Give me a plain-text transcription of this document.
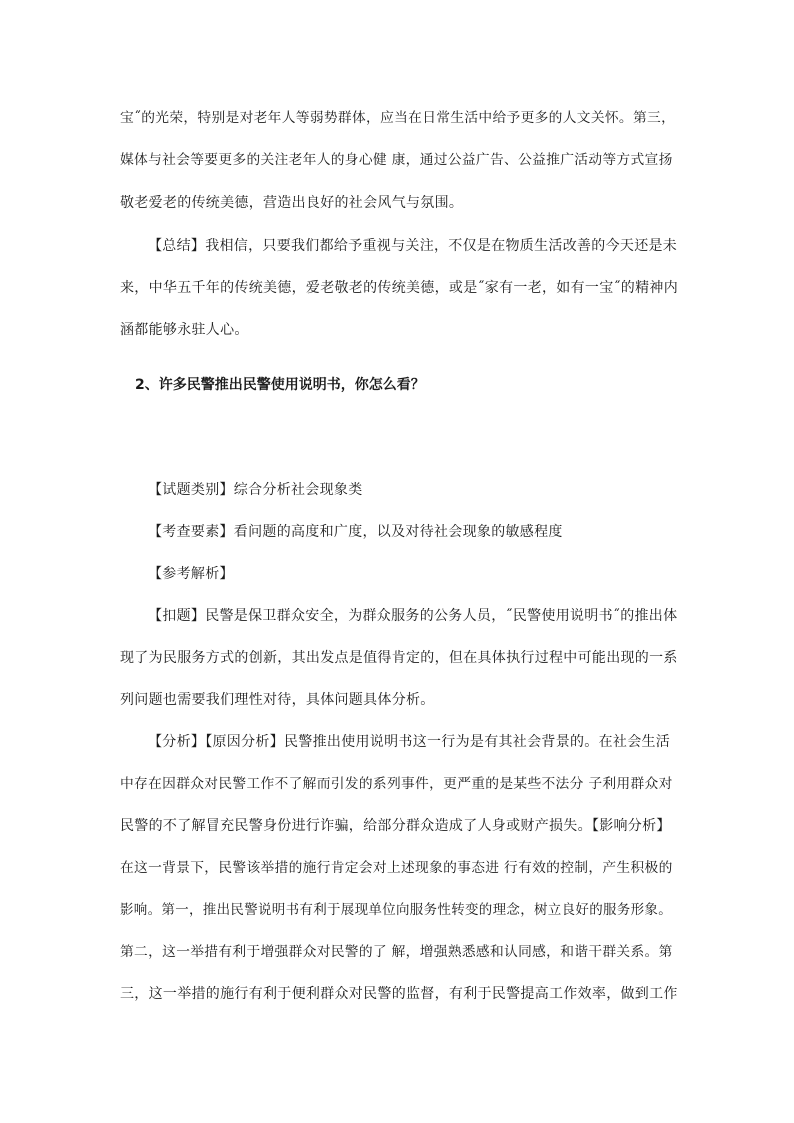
宝˝的光荣，特别是对老年人等弱势群体，应当在日常生活中给予更多的人文关怀。第三，
媒体与社会等要更多的关注老年人的身心健 康，通过公益广告、公益推广活动等方式宣扬
敬老爱老的传统美德，营造出良好的社会风气与氛围。
【总结】我相信，只要我们都给予重视与关注，不仅是在物质生活改善的今天还是未
来，中华五千年的传统美德，爱老敬老的传统美德，或是˝家有一老，如有一宝˝的精神内
涵都能够永驻人心。
2、许多民警推出民警使用说明书，你怎么看？
【试题类别】综合分析社会现象类
【考查要素】看问题的高度和广度，以及对待社会现象的敏感程度
【参考解析】
【扣题】民警是保卫群众安全，为群众服务的公务人员，˝民警使用说明书˝的推出体
现了为民服务方式的创新，其出发点是值得肯定的，但在具体执行过程中可能出现的一系
列问题也需要我们理性对待，具体问题具体分析。
【分析】【原因分析】民警推出使用说明书这一行为是有其社会背景的。在社会生活
中存在因群众对民警工作不了解而引发的系列事件，更严重的是某些不法分 子利用群众对
民警的不了解冒充民警身份进行诈骗，给部分群众造成了人身或财产损失。【影响分析】
在这一背景下，民警该举措的施行肯定会对上述现象的事态进 行有效的控制，产生积极的
影响。第一，推出民警说明书有利于展现单位向服务性转变的理念，树立良好的服务形象。
第二，这一举措有利于增强群众对民警的了 解，增强熟悉感和认同感，和谐干群关系。第
三，这一举措的施行有利于便利群众对民警的监督，有利于民警提高工作效率，做到工作
